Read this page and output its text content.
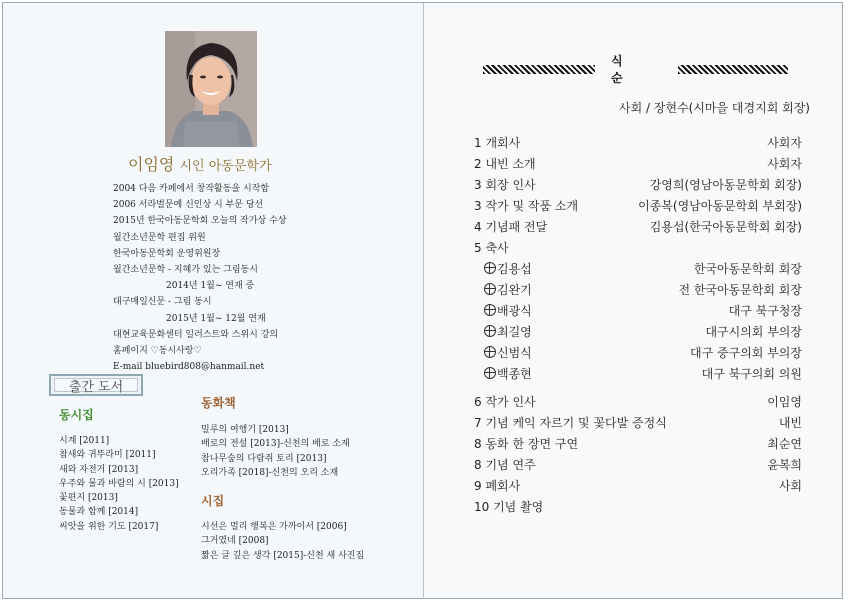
이임영 시인 아동문학가
2004 다음 카페에서 창작활동을 시작함
2006 서라벌문예 신인상 시 부문 당선
2015년 한국아동문학회 오늘의 작가상 수상
월간소년문학 편집 위원
한국아동문학회 운영위원장
월간소년문학 - 지혜가 있는 그림동시
2014년 1월~ 연재 중
대구매일신문 - 그림 동시
2015년 1월~ 12월 연재
대현교육문화센터 일러스트와 스위시 강의
홈페이지 ♡동시사랑♡
E-mail bluebird808@hanmail.net
출간 도서
동시집
시계 [2011]
참새와 귀뚜라미 [2011]
새와 자전거 [2013]
우주와 물과 바람의 시 [2013]
꽃편지 [2013]
동물과 함께 [2014]
씨앗을 위한 기도 [2017]
동화책
밀루의 여행기 [2013]
배로의 전설 [2013]-신천의 배로 소재
참나무숲의 다람쥐 토리 [2013]
오리가족 [2018]-신천의 오리 소재
시집
시선은 멀리 행복은 가까이서 [2006]
그거였네 [2008]
짧은 글 깊은 생각 [2015]-신천 새 사진집
식 순
사회 / 장현수(시마을 대경지회 회장)
1 개회사	사회자
2 내빈 소개	사회자
3 회장 인사	강영희(영남아동문학회 회장)
3 작가 및 작품 소개	이종복(영남아동문학회 부회장)
4 기념패 전달	김용섭(한국아동문학회 회장)
5 축사
김용섭	한국아동문학회 회장
김완기	전 한국아동문학회 회장
배광식	대구 북구청장
최길영	대구시의회 부의장
신범식	대구 중구의회 부의장
백종현	대구 북구의회 의원
6 작가 인사	이임영
7 기념 케익 자르기 및 꽃다발 증정식	내빈
8 동화 한 장면 구연	최순연
8 기념 연주	윤복희
9 폐회사	사회
10 기념 촬영
